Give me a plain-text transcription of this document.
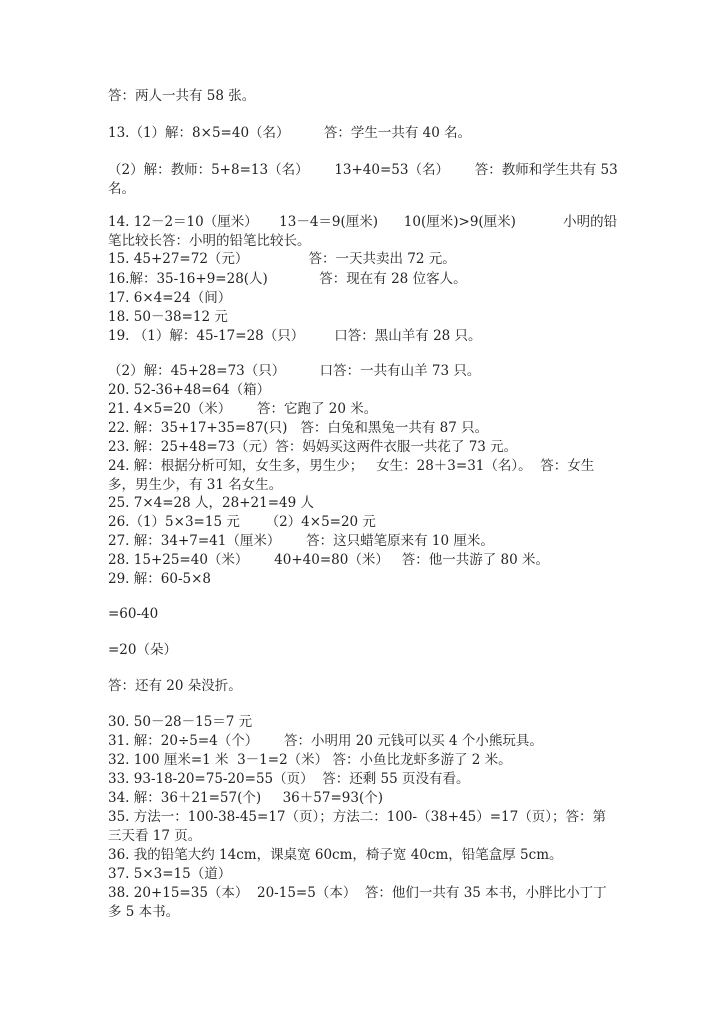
答：两人一共有 58 张。

13.（1）解：8×5=40（名）        答：学生一共有 40 名。

（2）解：教师：5+8=13（名）      13+40=53（名）      答：教师和学生共有 53 名。

14. 12－2＝10（厘米）     13－4＝9(厘米)      10(厘米)>9(厘米)           小明的铅笔比较长答：小明的铅笔比较长。

15. 45+27=72（元）              答：一天共卖出 72 元。

16.解：35-16+9=28(人)            答：现在有 28 位客人。

17. 6×4=24（间）

18. 50－38=12 元

19. （1）解：45-17=28（只）       口答：黑山羊有 28 只。

（2）解：45+28=73（只）        口答：一共有山羊 73 只。

20. 52-36+48=64（箱）

21. 4×5=20（米）      答：它跑了 20 米。

22. 解：35+17+35=87(只)   答：白兔和黑兔一共有 87 只。

23. 解：25+48=73（元）答：妈妈买这两件衣服一共花了 73 元。

24. 解：根据分析可知，女生多，男生少；   女生：28＋3=31（名）。  答：女生多，男生少，有 31 名女生。

25. 7×4=28 人，28+21=49 人

26.（1）5×3=15 元      （2）4×5=20 元

27. 解：34+7=41（厘米）      答：这只蜡笔原来有 10 厘米。

28. 15+25=40（米）      40+40=80（米）   答：他一共游了 80 米。

29. 解：60-5×8

=60-40

=20（朵）

答：还有 20 朵没折。

30. 50－28－15＝7 元

31. 解：20÷5=4（个）      答：小明用 20 元钱可以买 4 个小熊玩具。

32. 100 厘米=1 米  3－1=2（米） 答：小鱼比龙虾多游了 2 米。

33. 93-18-20=75-20=55（页）  答：还剩 55 页没有看。

34. 解：36＋21=57(个)     36＋57=93(个)

35. 方法一：100-38-45=17（页）；方法二：100-（38+45）=17（页）；答：第三天看 17 页。

36. 我的铅笔大约 14cm，课桌宽 60cm，椅子宽 40cm，铅笔盒厚 5cm。

37. 5×3=15（道）

38. 20+15=35（本）  20-15=5（本）  答：他们一共有 35 本书，小胖比小丁丁多 5 本书。
